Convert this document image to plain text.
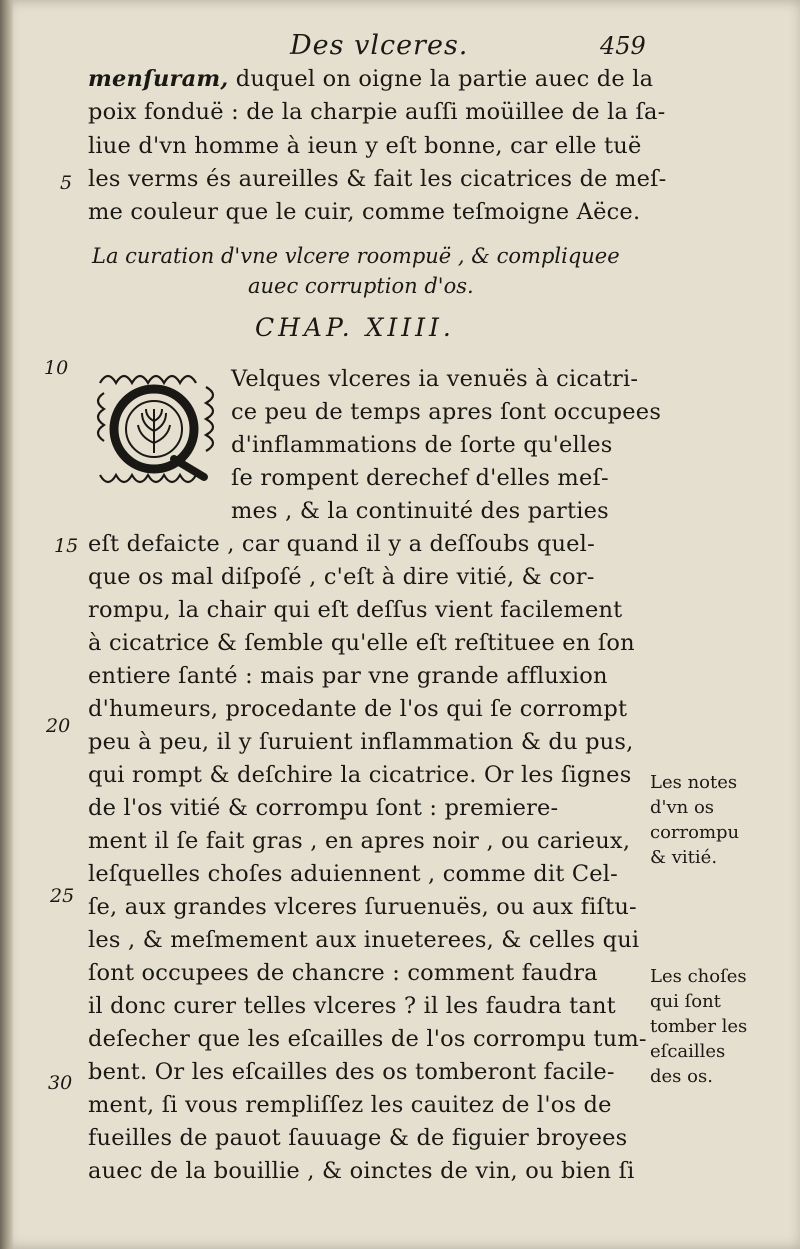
Des vlceres.	459
menſuram, duquel on oigne la partie auec de la
poix fonduë : de la charpie auſſi moüillee de la ſa-
liue d'vn homme à ieun y eſt bonne, car elle tuë
les verms és aureilles & fait les cicatrices de meſ-
me couleur que le cuir, comme teſmoigne Aëce.
La curation d'vne vlcere roompuë , & compliquee
auec corruption d'os.
CHAP. XIIII.
Q
Velques vlceres ia venuës à cicatri-
ce peu de temps apres ſont occupees
d'inflammations de ſorte qu'elles
ſe rompent derechef d'elles meſ-
mes , & la continuité des parties
eſt defaicte , car quand il y a deſſoubs quel-
que os mal diſpoſé , c'eſt à dire vitié, & cor-
rompu, la chair qui eſt deſſus vient facilement
à cicatrice & ſemble qu'elle eſt reſtituee en ſon
entiere ſanté : mais par vne grande affluxion
d'humeurs, procedante de l'os qui ſe corrompt
peu à peu, il y ſuruient inflammation & du pus,
qui rompt & deſchire la cicatrice. Or les ſignes
de l'os vitié & corrompu ſont : premiere-
ment il ſe fait gras , en apres noir , ou carieux,
leſquelles choſes aduiennent , comme dit Cel-
ſe, aux grandes vlceres ſuruenuës, ou aux fiſtu-
les , & meſmement aux inueterees, & celles qui
ſont occupees de chancre : comment faudra
il donc curer telles vlceres ? il les faudra tant
deſecher que les eſcailles de l'os corrompu tum-
bent. Or les eſcailles des os tomberont facile-
ment, ſi vous rempliſſez les cauitez de l'os de
fueilles de pauot ſauuage & de figuier broyees
auec de la bouillie , & oinctes de vin, ou bien ſi
5
10
15
20
25
30
Les notes
d'vn os
corrompu
& vitié.
Les choſes
qui ſont
tomber les
eſcailles
des os.
